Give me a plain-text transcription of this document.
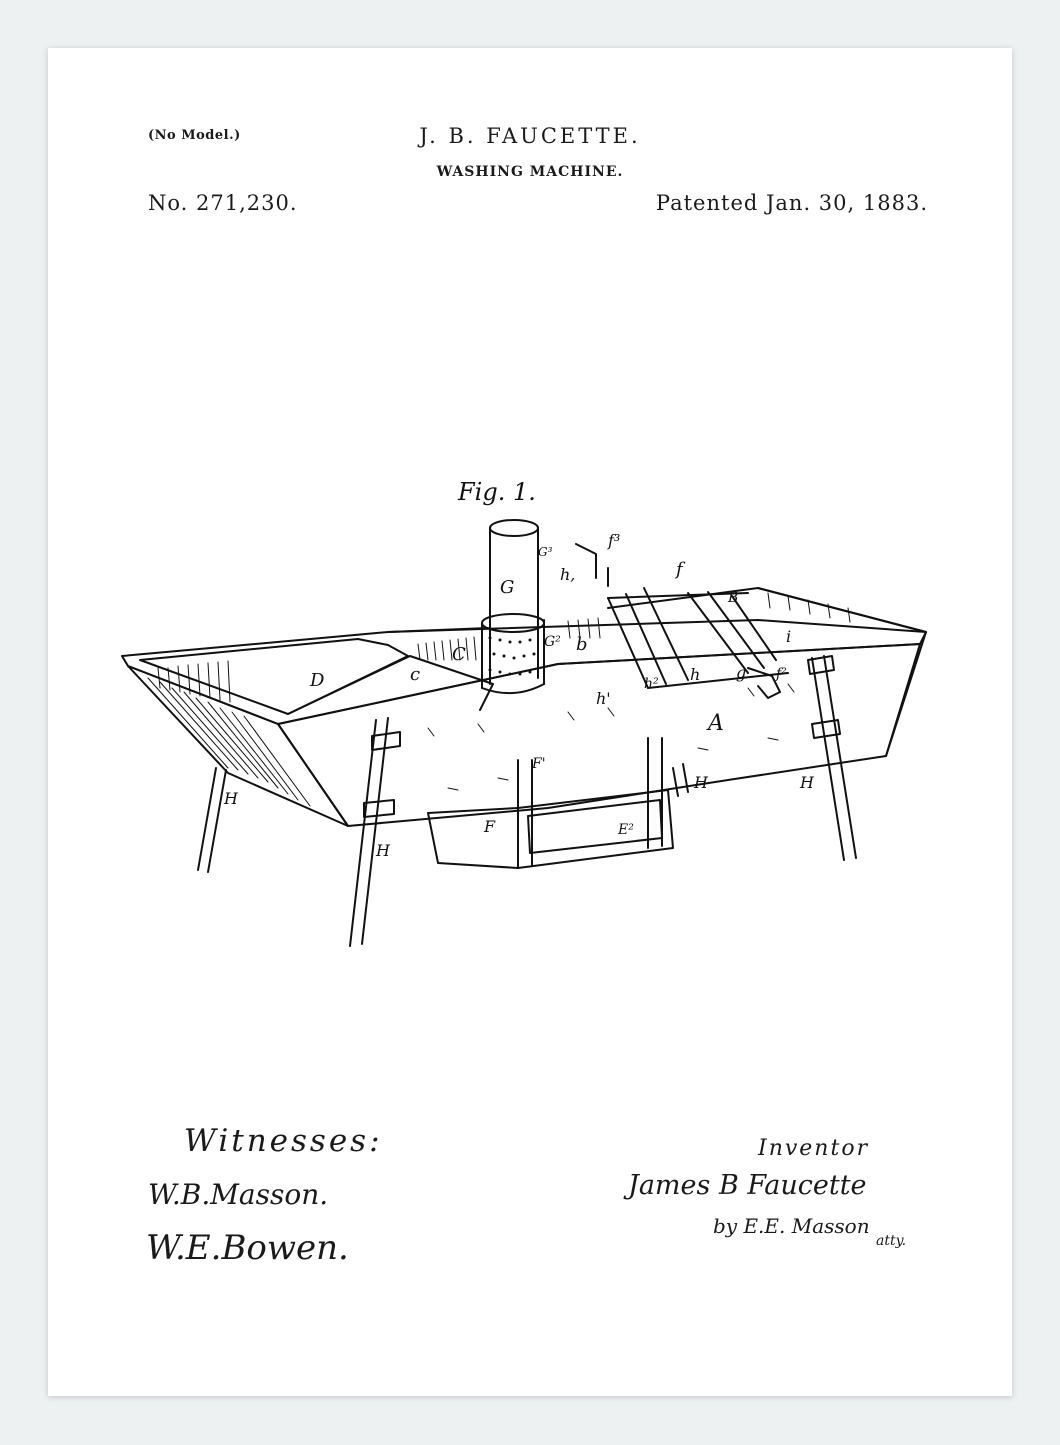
(No Model.)	J. B. FAUCETTE.
WASHING MACHINE.
No. 271,230.	Patented Jan. 30, 1883.
Fig. 1.
G
G³
G²
D	c
C	b
A
f
f³
f²
h,
h
h'
h²
g
i
B
F'
F	E²
H
H
H	H
Witnesses:
W.B.Masson.
W.E.Bowen.
Inventor
James B Faucette
by E.E. Masson
atty.
